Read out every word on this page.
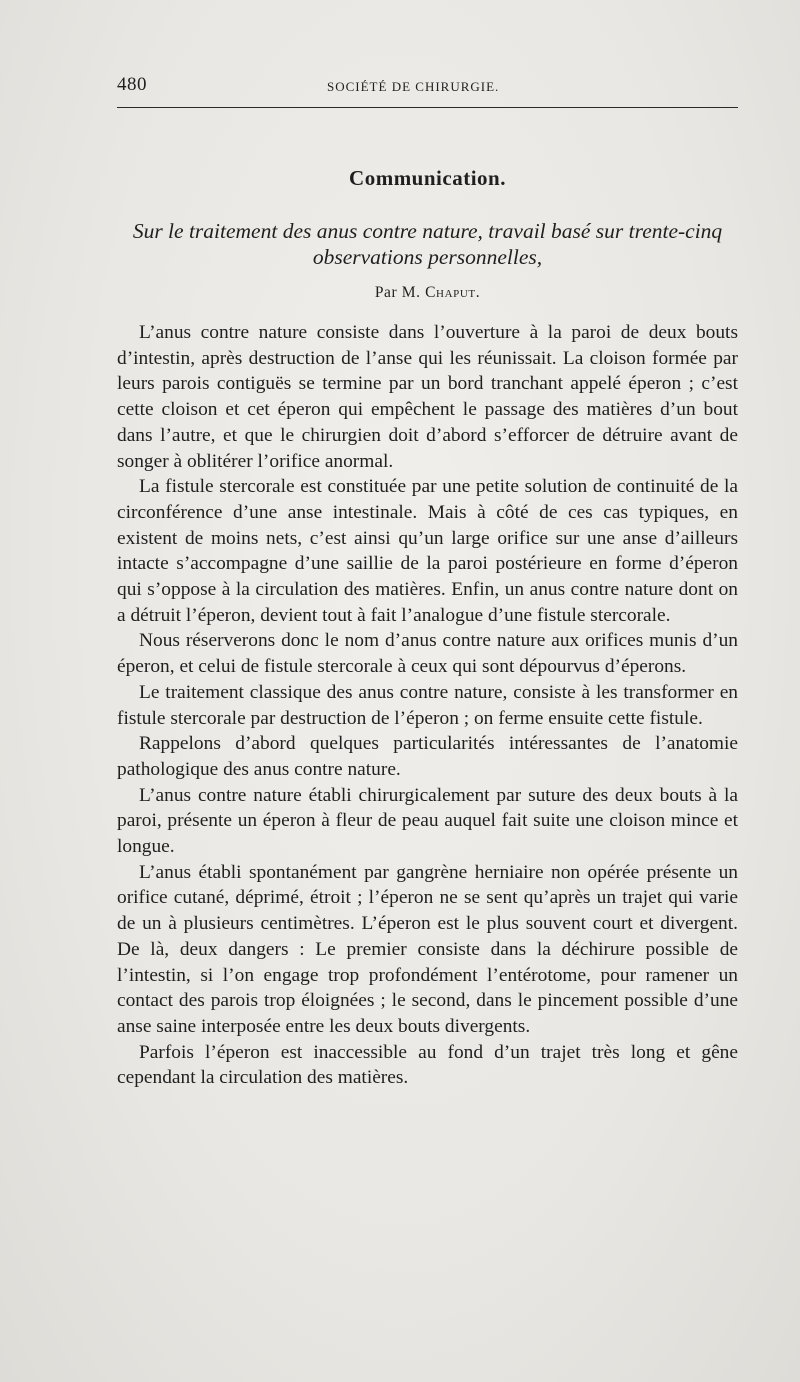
480	SOCIÉTÉ DE CHIRURGIE.
Communication.
Sur le traitement des anus contre nature, travail basé sur trente-cinq observations personnelles,
Par M. Chaput.

L’anus contre nature consiste dans l’ouverture à la paroi de deux bouts d’intestin, après destruction de l’anse qui les réunissait. La cloison formée par leurs parois contiguës se termine par un bord tranchant appelé éperon ; c’est cette cloison et cet éperon qui empêchent le passage des matières d’un bout dans l’autre, et que le chirurgien doit d’abord s’efforcer de détruire avant de songer à oblitérer l’orifice anormal.

La fistule stercorale est constituée par une petite solution de continuité de la circonférence d’une anse intestinale. Mais à côté de ces cas typiques, en existent de moins nets, c’est ainsi qu’un large orifice sur une anse d’ailleurs intacte s’accompagne d’une saillie de la paroi postérieure en forme d’éperon qui s’oppose à la circulation des matières. Enfin, un anus contre nature dont on a détruit l’éperon, devient tout à fait l’analogue d’une fistule stercorale.

Nous réserverons donc le nom d’anus contre nature aux orifices munis d’un éperon, et celui de fistule stercorale à ceux qui sont dépourvus d’éperons.

Le traitement classique des anus contre nature, consiste à les transformer en fistule stercorale par destruction de l’éperon ; on ferme ensuite cette fistule.

Rappelons d’abord quelques particularités intéressantes de l’anatomie pathologique des anus contre nature.

L’anus contre nature établi chirurgicalement par suture des deux bouts à la paroi, présente un éperon à fleur de peau auquel fait suite une cloison mince et longue.

L’anus établi spontanément par gangrène herniaire non opérée présente un orifice cutané, déprimé, étroit ; l’éperon ne se sent qu’après un trajet qui varie de un à plusieurs centimètres. L’éperon est le plus souvent court et divergent. De là, deux dangers : Le premier consiste dans la déchirure possible de l’intestin, si l’on engage trop profondément l’entérotome, pour ramener un contact des parois trop éloignées ; le second, dans le pincement possible d’une anse saine interposée entre les deux bouts divergents.

Parfois l’éperon est inaccessible au fond d’un trajet très long et gêne cependant la circulation des matières.
